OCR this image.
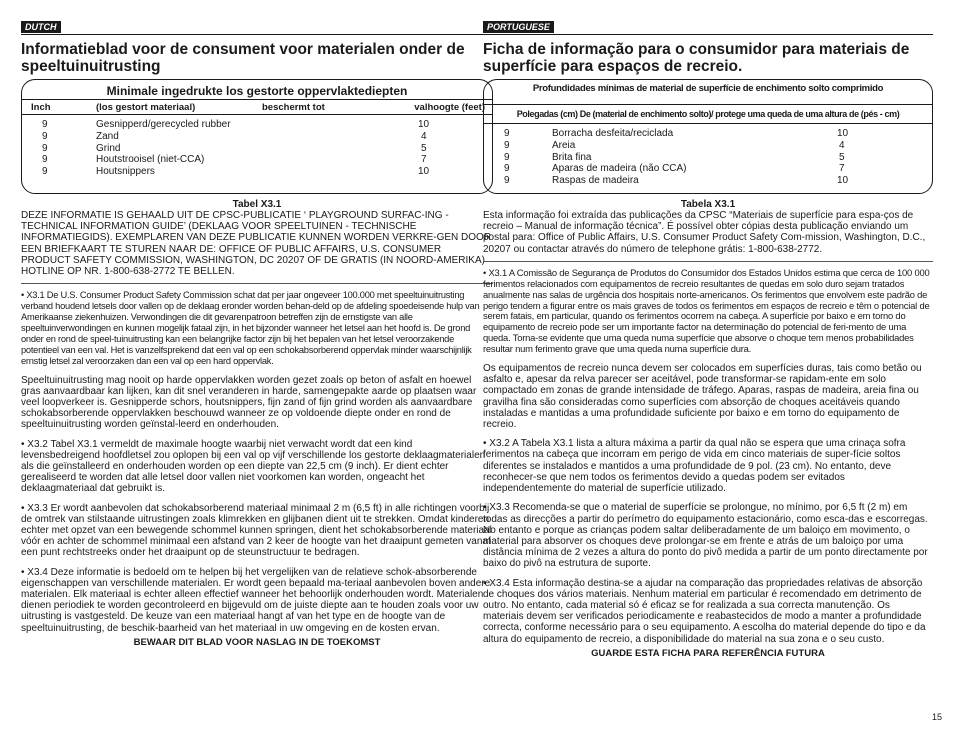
DUTCH
Informatieblad voor de consument voor materialen onder de speeltuinuitrusting
Minimale ingedrukte los gestorte oppervlaktediepten
Inch	(los gestort materiaal)	beschermt tot	valhoogte (feet)
9	Gesnipperd/gerecycled rubber	10
9	Zand	4
9	Grind	5
9	Houtstrooisel (niet-CCA)	7
9	Houtsnippers	10
Tabel X3.1

DEZE INFORMATIE IS GEHAALD UIT DE CPSC-PUBLICATIE ‘ PLAYGROUND SURFAC-ING - TECHNICAL INFORMATION GUIDE’ (DEKLAAG VOOR SPEELTUINEN - TECHNISCHE INFORMATIEGIDS). EXEMPLAREN VAN DEZE PUBLICATIE KUNNEN WORDEN VERKRE-GEN DOOR EEN BRIEFKAART TE STUREN NAAR DE: OFFICE OF PUBLIC AFFAIRS, U.S. CONSUMER PRODUCT SAFETY COMMISSION, WASHINGTON, DC 20207 OF DE GRATIS (IN NOORD-AMERIKA) HOTLINE OP NR. 1-800-638-2772 TE BELLEN.

• X3.1 De U.S. Consumer Product Safety Commission schat dat per jaar ongeveer 100.000 met speeltuinuitrusting verband houdend letsels door vallen op de deklaag eronder worden behan-deld op de afdeling spoedeisende hulp van Amerikaanse ziekenhuizen. Verwondingen die dit gevarenpatroon betreffen zijn de ernstigste van alle speeltuinverwondingen en kunnen mogelijk fataal zijn, in het bijzonder wanneer het letsel aan het hoofd is. De grond onder en rond de speel-tuinuitrusting kan een belangrijke factor zijn bij het bepalen van het letsel veroorzakende potentieel van een val. Het is vanzelfsprekend dat een val op een schokabsorberend oppervlak minder waarschijnlijk ernstig letsel zal veroorzaken dan een val op een hard oppervlak.

Speeltuinuitrusting mag nooit op harde oppervlakken worden gezet zoals op beton of asfalt en hoewel gras aanvaardbaar kan lijken, kan dit snel veranderen in harde, samengepakte aarde op plaatsen waar veel loopverkeer is. Gesnipperde schors, houtsnippers, fijn zand of fijn grind worden als aanvaardbare schokabsorberende oppervlakken beschouwd wanneer ze op voldoende diepte onder en rond de speeltuinuitrusting worden geïnstal-leerd en onderhouden.

• X3.2 Tabel X3.1 vermeldt de maximale hoogte waarbij niet verwacht wordt dat een kind levensbedreigend hoofdletsel zou oplopen bij een val op vijf verschillende los gestorte deklaagmaterialen als die geïnstalleerd en onderhouden worden op een diepte van 22,5 cm (9 inch). Er dient echter gerealiseerd te worden dat alle letsel door vallen niet voorkomen kan worden, ongeacht het deklaagmateriaal dat gebruikt is.

• X3.3 Er wordt aanbevolen dat schokabsorberend materiaal minimaal 2 m (6,5 ft) in alle richtingen voorbij de omtrek van stilstaande uitrustingen zoals klimrekken en glijbanen dient uit te strekken. Omdat kinderen echter met opzet van een bewegende schommel kunnen springen, dient het schokabsorberende materiaal vóór en achter de schommel minimaal een afstand van 2 keer de hoogte van het draaipunt gemeten vanaf een punt rechtstreeks onder het draaipunt op de steunstructuur te bedragen.

• X3.4 Deze informatie is bedoeld om te helpen bij het vergelijken van de relatieve schok-absorberende eigenschappen van verschillende materialen. Er wordt geen bepaald ma-teriaal aanbevolen boven andere materialen. Elk materiaal is echter alleen effectief wanneer het behoorlijk onderhouden wordt. Materialen dienen periodiek te worden gecontroleerd en bijgevuld om de juiste diepte aan te houden zoals voor uw uitrusting is vastgesteld. De keuze van een materiaal hangt af van het type en de hoogte van de speeltuinuitrusting, de beschik-baarheid van het materiaal in uw omgeving en de kosten ervan.

BEWAAR DIT BLAD VOOR NASLAG IN DE TOEKOMST
PORTUGUESE
Ficha de informação para o consumidor para materiais de superfície para espaços de recreio.
Profundidades mínimas de material de superfície de enchimento solto comprimido
Polegadas (cm) De (material de enchimento solto)/ protege uma queda de uma altura de (pés - cm)
9	Borracha desfeita/reciclada	10
9	Areia	4
9	Brita fina	5
9	Aparas de madeira (não CCA)	7
9	Raspas de madeira	10
Tabela X3.1

Esta informação foi extraída das publicações da CPSC “Materiais de superfície para espa-ços de recreio – Manual de informação técnica”. É possível obter cópias desta publicação enviando um postal para: Office of Public Affairs, U.S. Consumer Product Safety Com-mission, Washington, D.C., 20207 ou contactar através do número de telephone grátis: 1-800-638-2772.

• X3.1 A Comissão de Segurança de Produtos do Consumidor dos Estados Unidos estima que cerca de 100 000 ferimentos relacionados com equipamentos de recreio resultantes de quedas em solo duro sejam tratados anualmente nas salas de urgência dos hospitais norte-americanos. Os ferimentos que envolvem este padrão de perigo tendem a figurar entre os mais graves de todos os ferimentos em espaços de recreio e têm o potencial de serem fatais, em particular, quando os ferimentos ocorrem na cabeça. A superfície por baixo e em torno do equipamento de recreio pode ser um importante factor na determinação do potencial de feri-mento de uma queda. Torna-se evidente que uma queda numa superfície que absorve o choque tem menos probabilidades resultar num ferimento grave que uma queda numa superfície dura.

Os equipamentos de recreio nunca devem ser colocados em superfícies duras, tais como betão ou asfalto e, apesar da relva parecer ser aceitável, pode transformar-se rapidam-ente em solo compactado em zonas de grande intensidade de tráfego. Aparas, raspas de madeira, areia fina ou gravilha fina são consideradas como superfícies com absorção de choques aceitáveis quando instaladas e mantidas a uma profundidade suficiente por baixo e em torno do equipamento de recreio.

• X3.2 A Tabela X3.1 lista a altura máxima a partir da qual não se espera que uma crinaça sofra ferimentos na cabeça que incorram em perigo de vida em cinco materiais de super-fície soltos diferentes se instalados e mantidos a uma profundidade de 9 pol. (23 cm). No entanto, deve reconhecer-se que nem todos os ferimentos devido a quedas podem ser evitados independentemente do material de superfície utilizado.

• X3.3 Recomenda-se que o material de superfície se prolongue, no mínimo, por 6,5 ft (2 m) em todas as direcções a partir do perímetro do equipamento estacionário, como esca-das e escorregas. No entanto e porque as crianças podem saltar deliberadamente de um baloiço em movimento, o material para absorver os choques deve prolongar-se em frente e atrás de um baloiço por uma distância mínima de 2 vezes a altura do ponto do pivô medida a partir de um ponto directamente por baixo do pivô na estrutura de suporte.

• X3.4 Esta informação destina-se a ajudar na comparação das propriedades relativas de absorção de choques dos vários materiais. Nenhum material em particular é recomendado em detrimento de outro. No entanto, cada material só é eficaz se for realizada a sua correcta manutenção. Os materiais devem ser verificados periodicamente e reabastecidos de modo a manter a profundidade correcta, conforme necessário para o seu equipamento. A escolha do material depende do tipo e da altura do equipamento de recreio, a disponibilidade do material na sua zona e o seu custo.

GUARDE ESTA FICHA PARA REFERÊNCIA FUTURA
15
